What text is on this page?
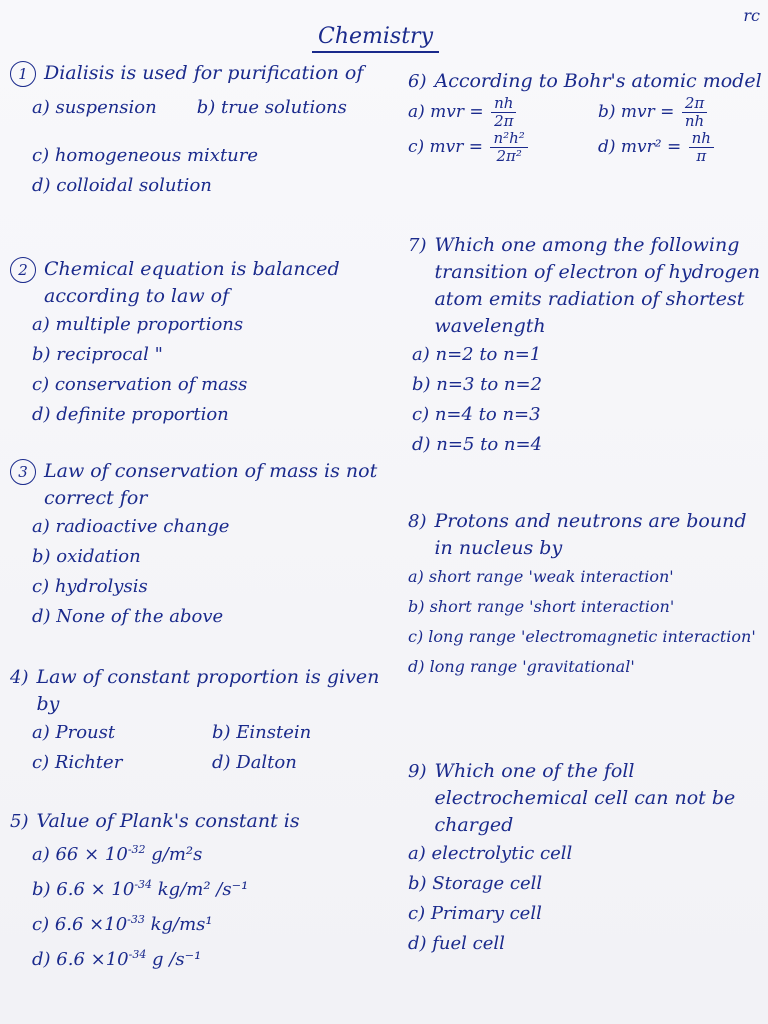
rc
Chemistry
1 Dialisis is used for purification of
a) suspension b) true solutions
c) homogeneous mixture
d) colloidal solution
2 Chemical equation is balanced according to law of
a) multiple proportions
b) reciprocal "
c) conservation of mass
d) definite proportion
3 Law of conservation of mass is not correct for
a) radioactive change
b) oxidation
c) hydrolysis
d) None of the above
4) Law of constant proportion is given by
a) Proust	b) Einstein
c) Richter	d) Dalton
5) Value of Plank's constant is
a) $66 \times 10^{-32}$ g/m²s
b) $6.6 \times 10^{-34}$ kg/m² /s⁻¹
c) $6.6 \times 10^{-33}$ kg/ms¹
d) $6.6 \times 10^{-34}$ g /s⁻¹
6) According to Bohr's atomic model
a) mvr = $\frac{nh}{2\pi}$	b) mvr = $\frac{2\pi}{nh}$
c) mvr = $\frac{\text{n²h²}}{\text{2π²}}$	d) $mvr^2 = \frac{nh}{\pi}$
7) Which one among the following transition of electron of hydrogen atom emits radiation of shortest wavelength
a) n=2 to n=1
b) n=3 to n=2
c) n=4 to n=3
d) n=5 to n=4
8) Protons and neutrons are bound in nucleus by
a) short range 'weak interaction'
b) short range 'short interaction'
c) long range 'electromagnetic interaction'
d) long range 'gravitational'
9) Which one of the foll electrochemical cell can not be charged
a) electrolytic cell
b) Storage cell
c) Primary cell
d) fuel cell
